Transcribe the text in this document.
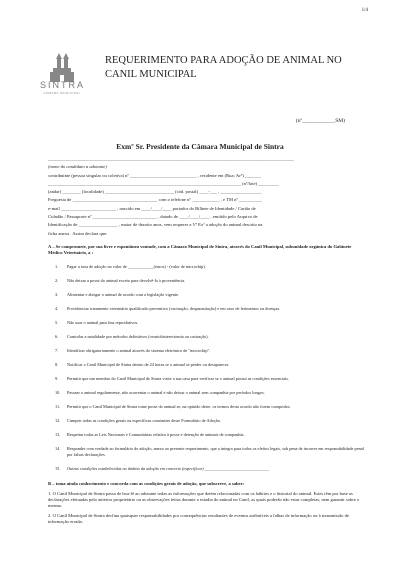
1/4
SINTRA
CÂMARA MUNICIPAL
REQUERIMENTO PARA ADOÇÃO DE ANIMAL NO CANIL MUNICIPAL
(nº____________SM)
Exmº Sr. Presidente da Câmara Municipal de Sintra
___________________________________________________________________________________________________________
(nome do candidato a adotante)
contribuinte (pessoa singular ou coletiva) nº _____________________________ , residente em (Rua; Avª) _______
____________________________________________________________________________________ (nº/lote) _________
(andar) ________ (localidade) ______________________________ (cód. postal) ____-___ , __________________
Freguesia de _____________________________________ com o telefone nº ____________ , e TM nº __________
e-mail ________________________ , nascido em ____/____/____ portador do Bilhete de Identidade / Cartão de
Cidadão / Passaporte nº ____________________________ , datado de ____/____/____ , emitido pelo Arquivo de
Identificação de _________________ , maior de dezoito anos, vem requerer a Vª Exª a adoção do animal descrito na
ficha anexa . Assim declara que:
A – Se compromete, por sua livre e espontânea vontade, com a Câmara Municipal de Sintra, através do Canil Municipal, subunidade orgânica do Gabinete Médico Veterinário, a :
1. Pagar a taxa de adoção no valor de ____________(euros) - (valor de microchip).
2. Não deixar a posse do animal exceto para devolvê-lo à proveniência.
3. Alimentar e abrigar o animal de acordo com a legislação vigente.
4. Providenciar tratamento veterinário qualificado preventivo (vacinação, desparasitação) e em caso de ferimentos ou doenças.
5. Não usar o animal para fins reprodutivos.
6. Controlar a natalidade por métodos definitivos (ovariohisterectomia ou castração).
7. Identificar obrigatoriamente o animal através do sistema eletrónico de "microchip".
8. Notificar o Canil Municipal de Sintra dentro de 24 horas se o animal se perder ou desaparecer.
9. Permitir que um membro do Canil Municipal de Sintra visite a sua casa para verificar se o animal possui as condições essenciais.
10. Passear o animal regularmente, não acorrentar o animal e não deixar o animal sem companhia por períodos longos.
11. Permitir que o Canil Municipal de Sintra tome posse do animal se, na opinião deste, os termos desta acordo não forem cumpridos.
12. Cumprir todas as condições gerais ou específicas constantes deste Formulário de Adoção.
13. Respeitar todas as Leis Nacionais e Comunitárias relativa à posse e detenção de animais de companhia.
14. Responder com verdade ao formulário de adoção, anexo ao presente requerimento, que a integra para todos os efeitos legais, sob pena de incorrer em responsabilidade penal por falsas declarações.
15. Outras condições estabelecidas no âmbito da adoção em concreto (especificar) ______________________________

B – toma ainda conhecimento e concorda com as condições gerais de adoção, que subscreve, a saber:

1. O Canil Municipal de Sintra passa de boa-fé ao adotante todas as informações que detém relacionadas com os hábitos e o historial do animal. Estes têm por base as declarações efetuadas pelo anterior proprietário ou as observações feitas durante a estadia do animal no Canil, as quais poderão não estar completas, nem garantir sobre o mesmo.

2. O Canil Municipal de Sintra declina quaisquer responsabilidades por consequências resultantes de eventos atribuíveis a falhas de informação ou à transmissão de informação errada;
